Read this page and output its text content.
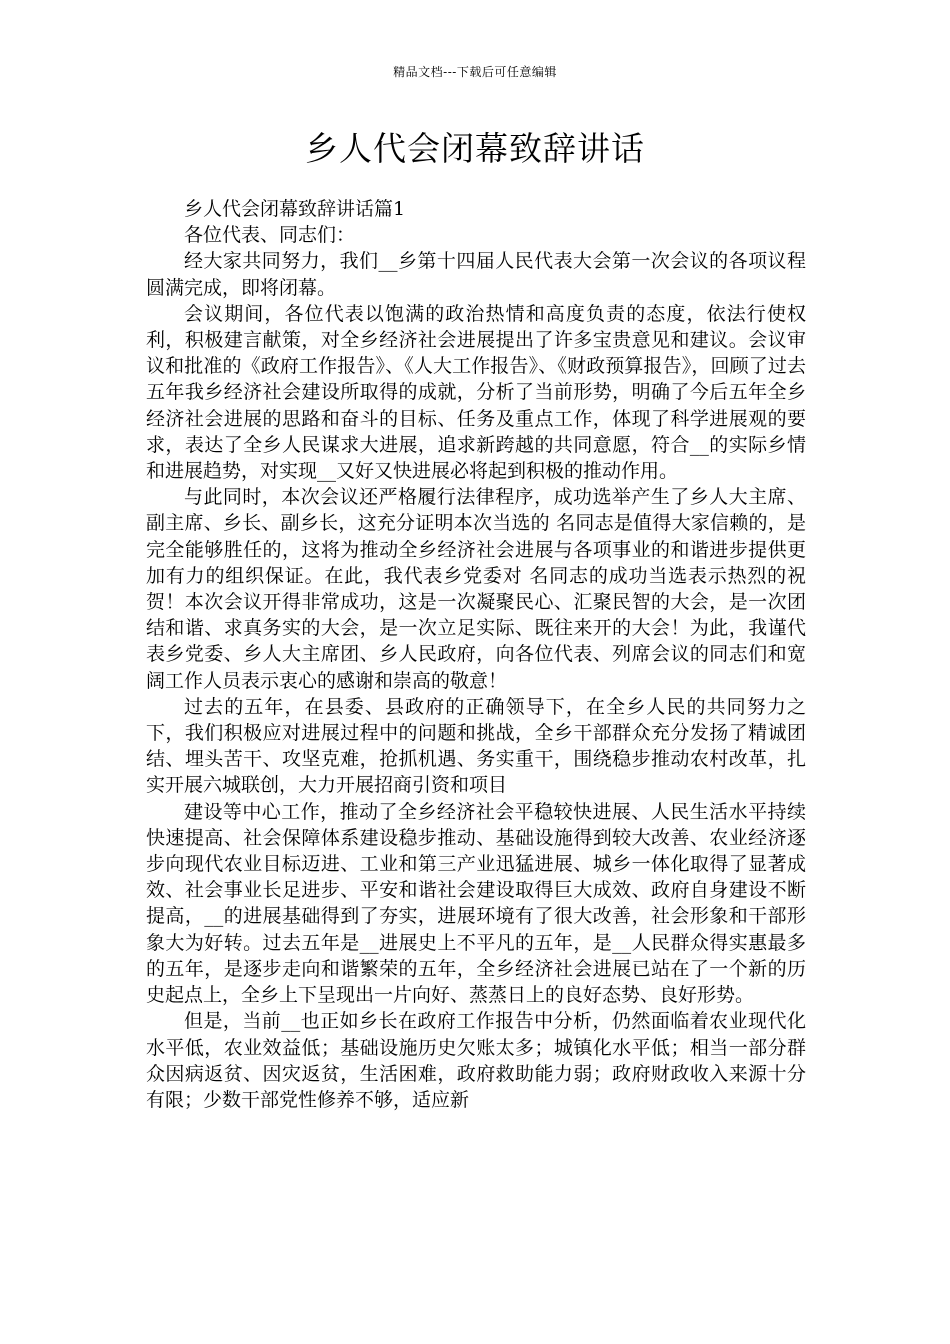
精品文档---下载后可任意编辑
乡人代会闭幕致辞讲话

乡人代会闭幕致辞讲话篇1

各位代表、同志们：

经大家共同努力，我们__乡第十四届人民代表大会第一次会议的各项议程圆满完成，即将闭幕。

会议期间，各位代表以饱满的政治热情和高度负责的态度，依法行使权利，积极建言献策，对全乡经济社会进展提出了许多宝贵意见和建议。会议审议和批准的《政府工作报告》、《人大工作报告》、《财政预算报告》，回顾了过去五年我乡经济社会建设所取得的成就，分析了当前形势，明确了今后五年全乡经济社会进展的思路和奋斗的目标、任务及重点工作，体现了科学进展观的要求，表达了全乡人民谋求大进展，追求新跨越的共同意愿，符合__的实际乡情和进展趋势，对实现__又好又快进展必将起到积极的推动作用。

与此同时，本次会议还严格履行法律程序，成功选举产生了乡人大主席、副主席、乡长、副乡长，这充分证明本次当选的 名同志是值得大家信赖的，是完全能够胜任的，这将为推动全乡经济社会进展与各项事业的和谐进步提供更加有力的组织保证。在此，我代表乡党委对 名同志的成功当选表示热烈的祝贺！本次会议开得非常成功，这是一次凝聚民心、汇聚民智的大会，是一次团结和谐、求真务实的大会，是一次立足实际、既往来开的大会！为此，我谨代表乡党委、乡人大主席团、乡人民政府，向各位代表、列席会议的同志们和宽阔工作人员表示衷心的感谢和崇高的敬意！

过去的五年，在县委、县政府的正确领导下，在全乡人民的共同努力之下，我们积极应对进展过程中的问题和挑战，全乡干部群众充分发扬了精诚团结、埋头苦干、攻坚克难，抢抓机遇、务实重干，围绕稳步推动农村改革，扎实开展六城联创，大力开展招商引资和项目

建设等中心工作，推动了全乡经济社会平稳较快进展、人民生活水平持续快速提高、社会保障体系建设稳步推动、基础设施得到较大改善、农业经济逐步向现代农业目标迈进、工业和第三产业迅猛进展、城乡一体化取得了显著成效、社会事业长足进步、平安和谐社会建设取得巨大成效、政府自身建设不断提高，__的进展基础得到了夯实，进展环境有了很大改善，社会形象和干部形象大为好转。过去五年是__进展史上不平凡的五年，是__人民群众得实惠最多的五年，是逐步走向和谐繁荣的五年，全乡经济社会进展已站在了一个新的历史起点上，全乡上下呈现出一片向好、蒸蒸日上的良好态势、良好形势。

但是，当前__也正如乡长在政府工作报告中分析，仍然面临着农业现代化水平低，农业效益低；基础设施历史欠账太多；城镇化水平低；相当一部分群众因病返贫、因灾返贫，生活困难，政府救助能力弱；政府财政收入来源十分有限；少数干部党性修养不够，适应新
